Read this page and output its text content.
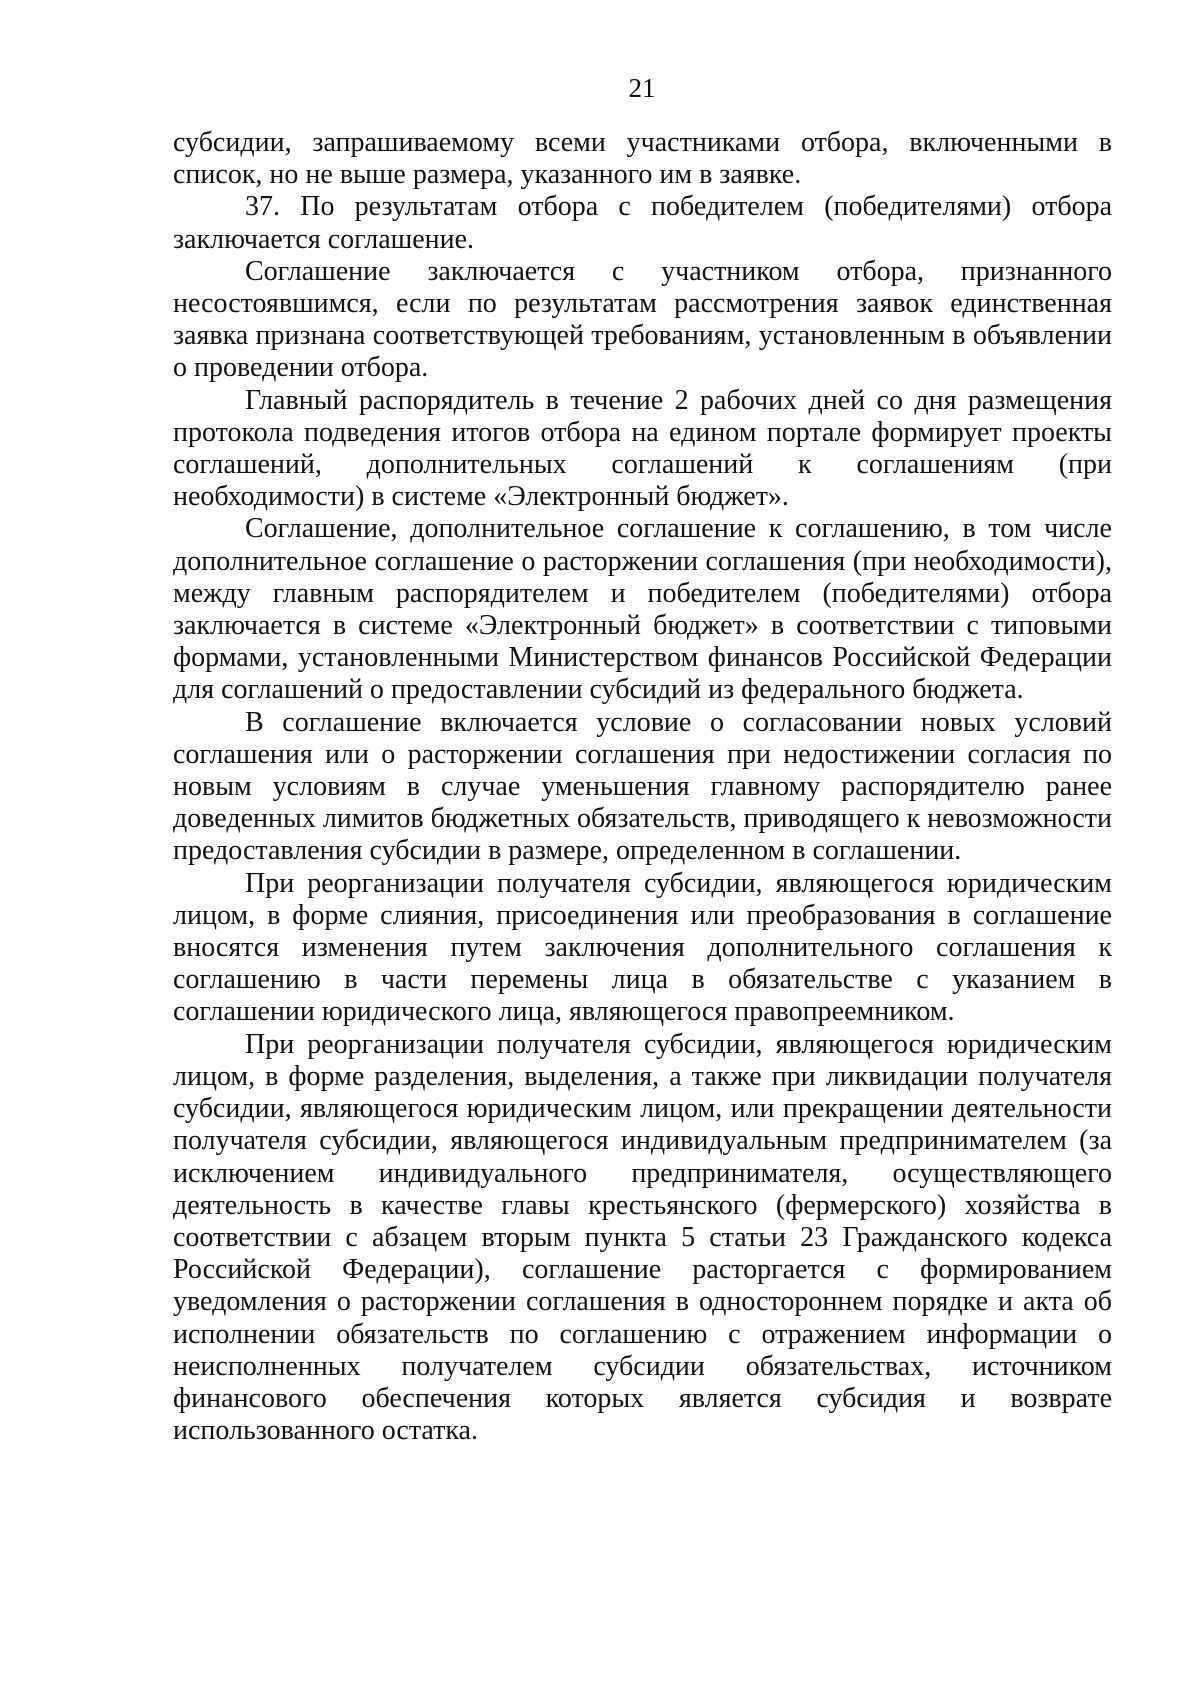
21

субсидии, запрашиваемому всеми участниками отбора, включенными в список, но не выше размера, указанного им в заявке.

37. По результатам отбора с победителем (победителями) отбора заключается соглашение.

Соглашение заключается с участником отбора, признанного несостоявшимся, если по результатам рассмотрения заявок единственная заявка признана соответствующей требованиям, установленным в объявлении о проведении отбора.

Главный распорядитель в течение 2 рабочих дней со дня размещения протокола подведения итогов отбора на едином портале формирует проекты соглашений, дополнительных соглашений к соглашениям (при необходимости) в системе «Электронный бюджет».

Соглашение, дополнительное соглашение к соглашению, в том числе дополнительное соглашение о расторжении соглашения (при необходимости), между главным распорядителем и победителем (победителями) отбора заключается в системе «Электронный бюджет» в соответствии с типовыми формами, установленными Министерством финансов Российской Федерации для соглашений о предоставлении субсидий из федерального бюджета.

В соглашение включается условие о согласовании новых условий соглашения или о расторжении соглашения при недостижении согласия по новым условиям в случае уменьшения главному распорядителю ранее доведенных лимитов бюджетных обязательств, приводящего к невозможности предоставления субсидии в размере, определенном в соглашении.

При реорганизации получателя субсидии, являющегося юридическим лицом, в форме слияния, присоединения или преобразования в соглашение вносятся изменения путем заключения дополнительного соглашения к соглашению в части перемены лица в обязательстве с указанием в соглашении юридического лица, являющегося правопреемником.

При реорганизации получателя субсидии, являющегося юридическим лицом, в форме разделения, выделения, а также при ликвидации получателя субсидии, являющегося юридическим лицом, или прекращении деятельности получателя субсидии, являющегося индивидуальным предпринимателем (за исключением индивидуального предпринимателя, осуществляющего деятельность в качестве главы крестьянского (фермерского) хозяйства в соответствии с абзацем вторым пункта 5 статьи 23 Гражданского кодекса Российской Федерации), соглашение расторгается с формированием уведомления о расторжении соглашения в одностороннем порядке и акта об исполнении обязательств по соглашению с отражением информации о неисполненных получателем субсидии обязательствах, источником финансового обеспечения которых является субсидия и возврате использованного остатка.
